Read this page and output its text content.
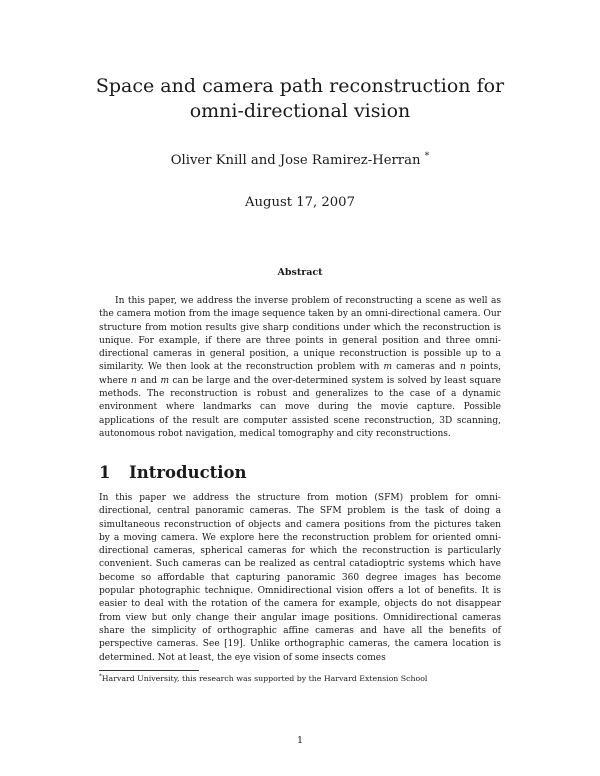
Space and camera path reconstruction for
omni-directional vision
Oliver Knill and Jose Ramirez-Herran *
August 17, 2007
Abstract

In this paper, we address the inverse problem of reconstructing a scene as well as the camera motion from the image sequence taken by an omni-directional camera. Our structure from motion results give sharp conditions under which the reconstruction is unique. For example, if there are three points in general position and three omni-directional cameras in general position, a unique reconstruction is possible up to a similarity. We then look at the reconstruction problem with m cameras and n points, where n and m can be large and the over-determined system is solved by least square methods. The reconstruction is robust and generalizes to the case of a dynamic environment where landmarks can move during the movie capture. Possible applications of the result are computer assisted scene reconstruction, 3D scanning, autonomous robot navigation, medical tomography and city reconstructions.

1 Introduction

In this paper we address the structure from motion (SFM) problem for omni-directional, central panoramic cameras. The SFM problem is the task of doing a simultaneous reconstruction of objects and camera positions from the pictures taken by a moving camera. We explore here the reconstruction problem for oriented omni-directional cameras, spherical cameras for which the reconstruction is particularly convenient. Such cameras can be realized as central catadioptric systems which have become so affordable that capturing panoramic 360 degree images has become popular photographic technique. Omnidirectional vision offers a lot of benefits. It is easier to deal with the rotation of the camera for example, objects do not disappear from view but only change their angular image positions. Omnidirectional cameras share the simplicity of orthographic affine cameras and have all the benefits of perspective cameras. See [19]. Unlike orthographic cameras, the camera location is determined. Not at least, the eye vision of some insects comes

*Harvard University, this research was supported by the Harvard Extension School
1
